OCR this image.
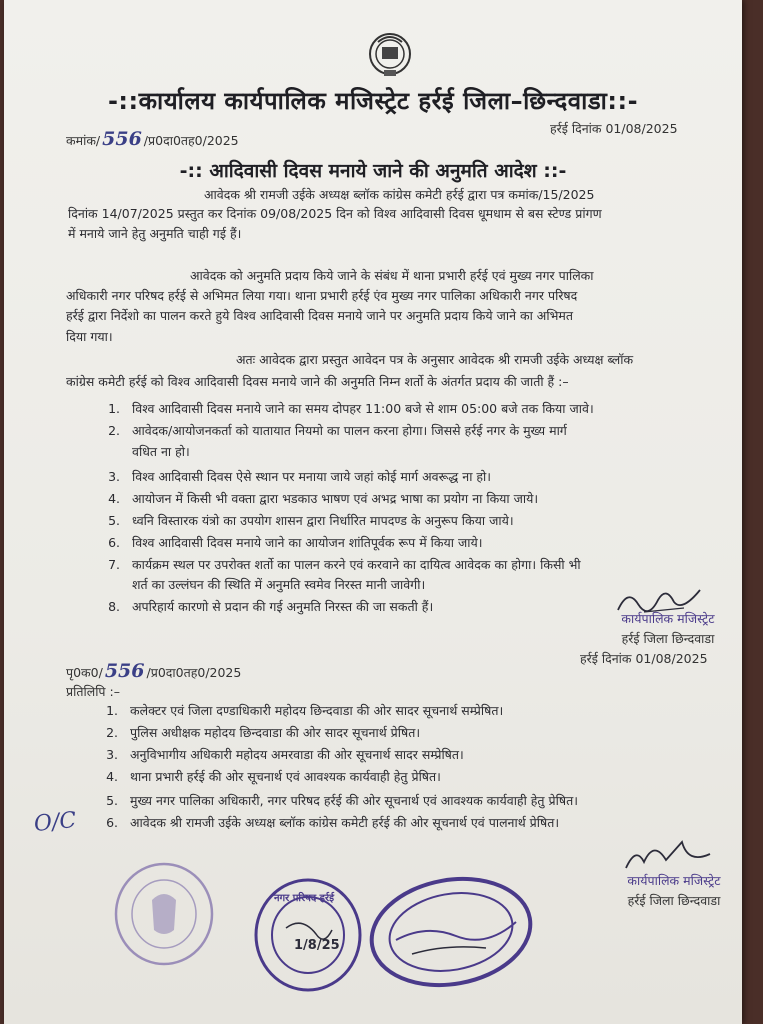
-::कार्यालय कार्यपालिक मजिस्ट्रेट हर्रई जिला–छिन्दवाडा::-
कमांक/ 556 /प्र0दा0तह0/2025
हर्रई दिनांक 01/08/2025
-:: आदिवासी दिवस मनाये जाने की अनुमति आदेश ::-
आवेदक श्री रामजी उईके अध्यक्ष ब्लॉक कांग्रेस कमेटी हर्रई द्वारा पत्र कमांक/15/2025
दिनांक 14/07/2025 प्रस्तुत कर दिनांक 09/08/2025 दिन को विश्व आदिवासी दिवस धूमधाम से बस स्टेण्ड प्रांगण
में मनाये जाने हेतु अनुमति चाही गई हैं।
आवेदक को अनुमति प्रदाय किये जाने के संबंध में थाना प्रभारी हर्रई एवं मुख्य नगर पालिका
अधिकारी नगर परिषद हर्रई से अभिमत लिया गया। थाना प्रभारी हर्रई एंव मुख्य नगर पालिका अधिकारी नगर परिषद
हर्रई द्वारा निर्देशो का पालन करते हुये विश्व आदिवासी दिवस मनाये जाने पर अनुमति प्रदाय किये जाने का अभिमत
दिया गया।
अतः आवेदक द्वारा प्रस्तुत आवेदन पत्र के अनुसार आवेदक श्री रामजी उईके अध्यक्ष ब्लॉक
कांग्रेस कमेटी हर्रई को विश्व आदिवासी दिवस मनाये जाने की अनुमति निम्न शर्तो के अंतर्गत प्रदाय की जाती हैं :–
1. विश्व आदिवासी दिवस मनाये जाने का समय दोपहर 11:00 बजे से शाम 05:00 बजे तक किया जावे।
2. आवेदक/आयोजनकर्ता को यातायात नियमो का पालन करना होगा। जिससे हर्रई नगर के मुख्य मार्ग
वधित ना हो।
3. विश्व आदिवासी दिवस ऐसे स्थान पर मनाया जाये जहां कोई मार्ग अवरूद्ध ना हो।
4. आयोजन में किसी भी वक्ता द्वारा भडकाउ भाषण एवं अभद्र भाषा का प्रयोग ना किया जाये।
5. ध्वनि विस्तारक यंत्रो का उपयोग शासन द्वारा निर्धारित मापदण्ड के अनुरूप किया जाये।
6. विश्व आदिवासी दिवस मनाये जाने का आयोजन शांतिपूर्वक रूप में किया जाये।
7. कार्यक्रम स्थल पर उपरोक्त शर्तो का पालन करने एवं करवाने का दायित्व आवेदक का होगा। किसी भी
शर्त का उल्लंघन की स्थिति में अनुमति स्वमेव निरस्त मानी जावेगी।
8. अपरिहार्य कारणो से प्रदान की गई अनुमति निरस्त की जा सकती हैं।
कार्यपालिक मजिस्ट्रेट
हर्रई जिला छिन्दवाडा
पृ0क0/ 556 /प्र0दा0तह0/2025
हर्रई दिनांक 01/08/2025
प्रतिलिपि :–
1. कलेक्टर एवं जिला दण्डाधिकारी महोदय छिन्दवाडा की ओर सादर सूचनार्थ सम्प्रेषित।
2. पुलिस अधीक्षक महोदय छिन्दवाडा की ओर सादर सूचनार्थ प्रेषित।
3. अनुविभागीय अधिकारी महोदय अमरवाडा की ओर सूचनार्थ सादर सम्प्रेषित।
4. थाना प्रभारी हर्रई की ओर सूचनार्थ एवं आवश्यक कार्यवाही हेतु प्रेषित।
5. मुख्य नगर पालिका अधिकारी, नगर परिषद हर्रई की ओर सूचनार्थ एवं आवश्यक कार्यवाही हेतु प्रेषित।
6. आवेदक श्री रामजी उईके अध्यक्ष ब्लॉक कांग्रेस कमेटी हर्रई की ओर सूचनार्थ एवं पालनार्थ प्रेषित।
O/C
कार्यपालिक मजिस्ट्रेट
हर्रई जिला छिन्दवाडा
नगर परिषद हर्रई
1/8/25
